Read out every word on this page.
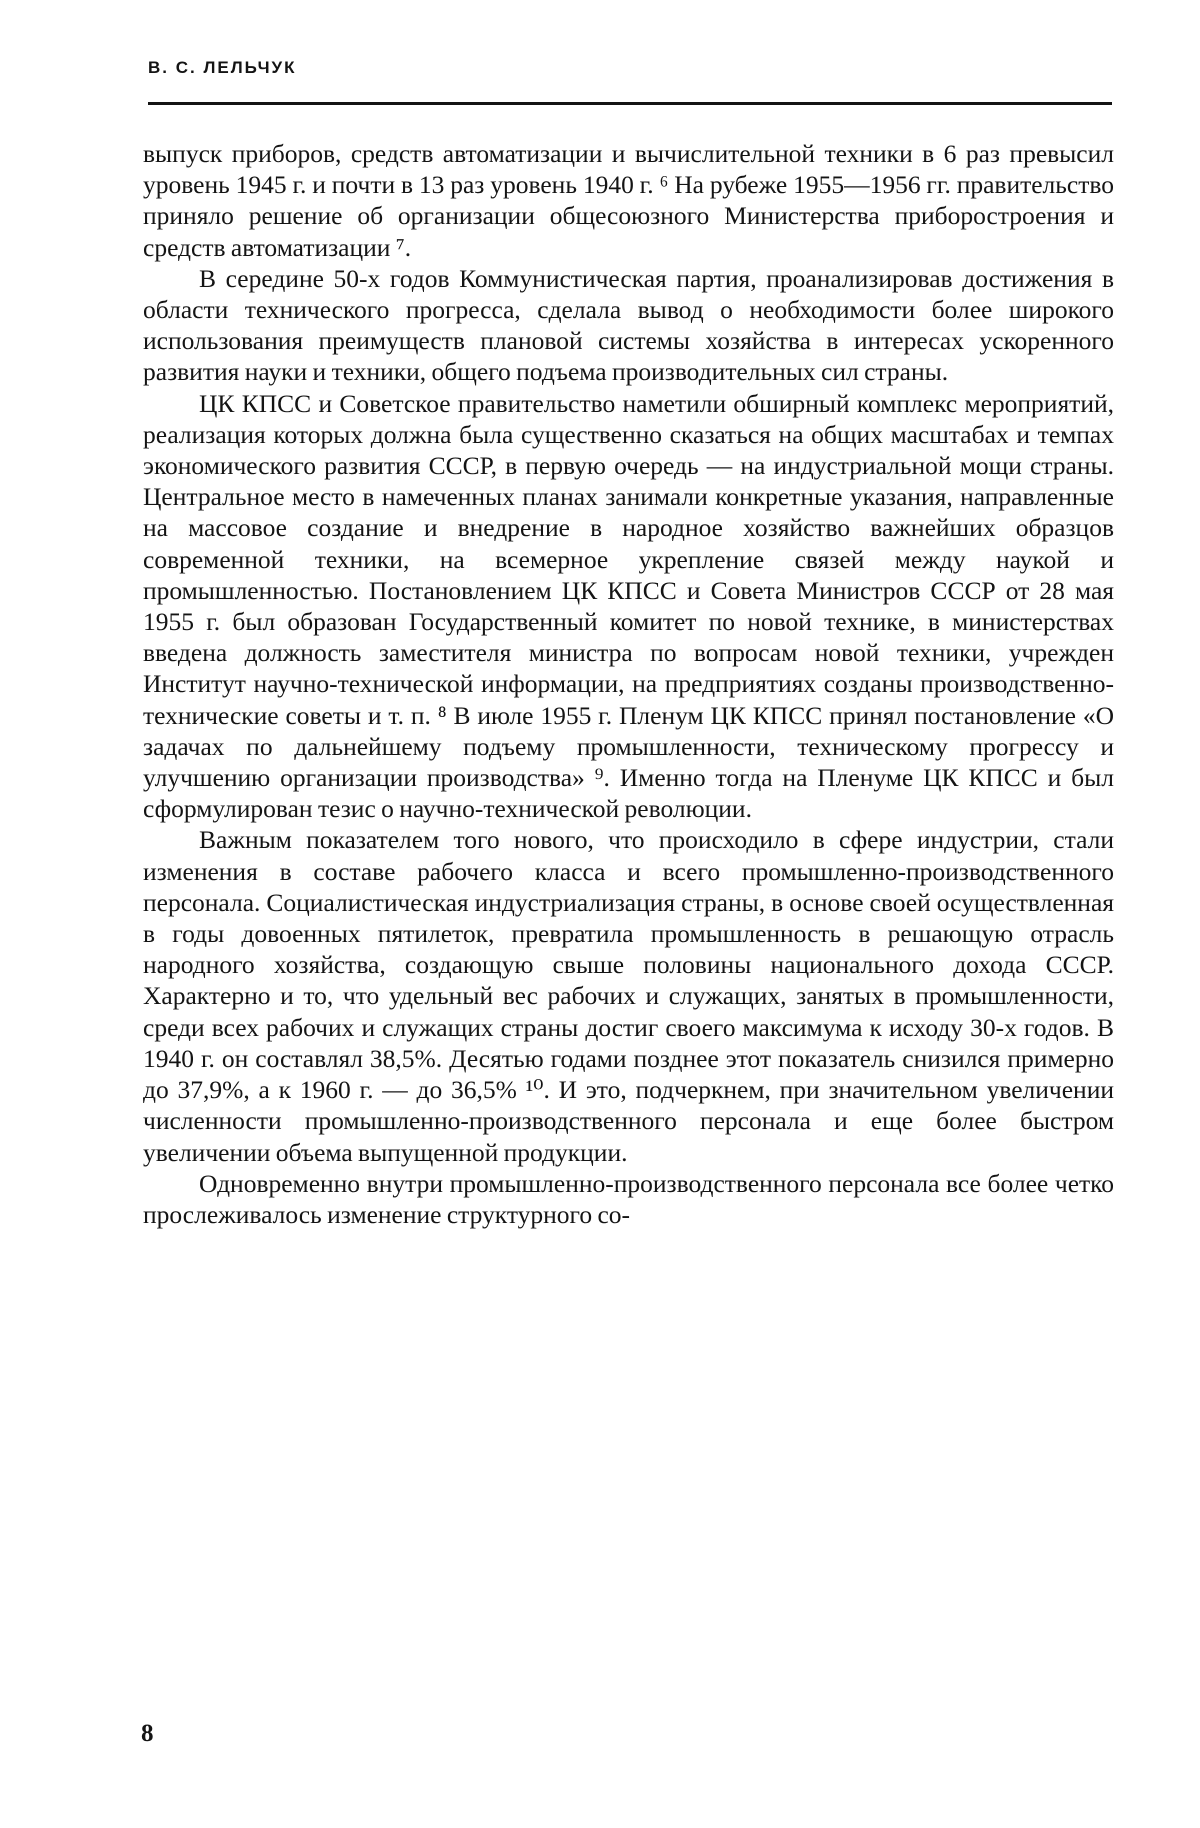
В. С. ЛЕЛЬЧУК

выпуск приборов, средств автоматизации и вычислительной техники в 6 раз превысил уровень 1945 г. и почти в 13 раз уровень 1940 г. ⁶ На рубеже 1955—1956 гг. правительство приняло решение об организации общесоюзного Министерства приборостроения и средств автоматизации ⁷.

В середине 50-х годов Коммунистическая партия, проанализировав достижения в области технического прогресса, сделала вывод о необходимости более широкого использования преимуществ плановой системы хозяйства в интересах ускоренного развития науки и техники, общего подъема производительных сил страны.

ЦК КПСС и Советское правительство наметили обширный комплекс мероприятий, реализация которых должна была существенно сказаться на общих масштабах и темпах экономического развития СССР, в первую очередь — на индустриальной мощи страны. Центральное место в намеченных планах занимали конкретные указания, направленные на массовое создание и внедрение в народное хозяйство важнейших образцов современной техники, на всемерное укрепление связей между наукой и промышленностью. Постановлением ЦК КПСС и Совета Министров СССР от 28 мая 1955 г. был образован Государственный комитет по новой технике, в министерствах введена должность заместителя министра по вопросам новой техники, учрежден Институт научно-технической информации, на предприятиях созданы производственно-технические советы и т. п. ⁸ В июле 1955 г. Пленум ЦК КПСС принял постановление «О задачах по дальнейшему подъему промышленности, техническому прогрессу и улучшению организации производства» ⁹. Именно тогда на Пленуме ЦК КПСС и был сформулирован тезис о научно-технической революции.

Важным показателем того нового, что происходило в сфере индустрии, стали изменения в составе рабочего класса и всего промышленно-производственного персонала. Социалистическая индустриализация страны, в основе своей осуществленная в годы довоенных пятилеток, превратила промышленность в решающую отрасль народного хозяйства, создающую свыше половины национального дохода СССР. Характерно и то, что удельный вес рабочих и служащих, занятых в промышленности, среди всех рабочих и служащих страны достиг своего максимума к исходу 30-х годов. В 1940 г. он составлял 38,5%. Десятью годами позднее этот показатель снизился примерно до 37,9%, а к 1960 г. — до 36,5% ¹⁰. И это, подчеркнем, при значительном увеличении численности промышленно-производственного персонала и еще более быстром увеличении объема выпущенной продукции.

Одновременно внутри промышленно-производственного персонала все более четко прослеживалось изменение структурного со-

8
